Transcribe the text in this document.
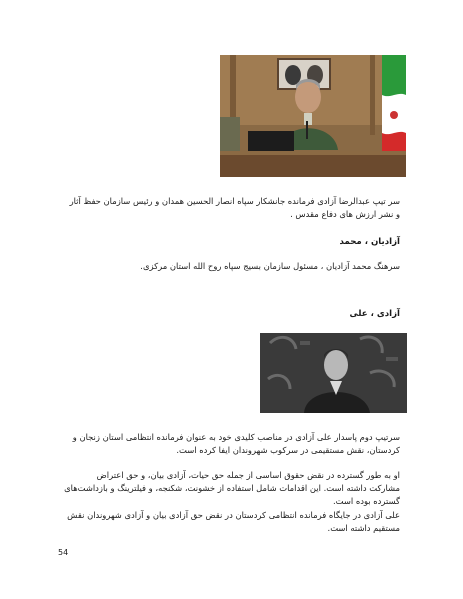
سر تیپ عبدالرضا آزادی فرمانده جانشکار سپاه انصار الحسین همدان و رئیس سازمان حفظ آثار و نشر ارزش های دفاع مقدس .
آزادیان ، محمد
سرهنگ محمد آزادیان ، مسئول سازمان بسیج سپاه روح الله استان مرکزی.
آزادی ، علی
سرتیپ دوم پاسدار علی آزادی در مناصب کلیدی خود به عنوان فرمانده انتظامی استان زنجان و کردستان، نقش مستقیمی در سرکوب شهروندان ایفا کرده است.
او به طور گسترده در نقض حقوق اساسی از جمله حق حیات، آزادی بیان، و حق اعتراض مشارکت داشته است. این اقدامات شامل استفاده از خشونت، شکنجه، و فیلترینگ و بازداشت‌های گسترده بوده است.
علی آزادی در جایگاه فرمانده انتظامی کردستان در نقض حق آزادی بیان و آزادی شهروندان نقش مستقیم داشته است.
54
